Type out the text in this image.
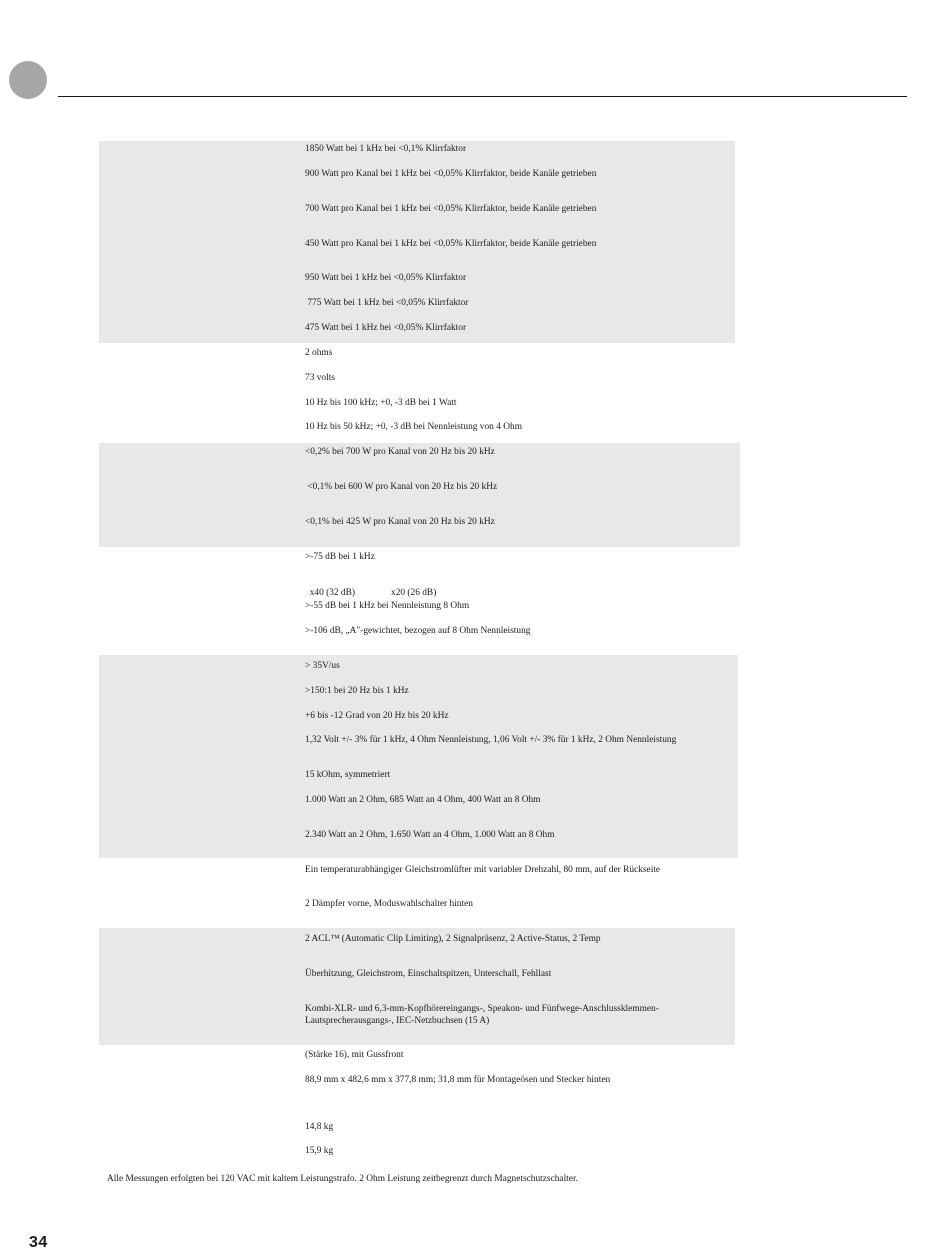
1850 Watt bei 1 kHz bei <0,1% Klirrfaktor
900 Watt pro Kanal bei 1 kHz bei <0,05% Klirrfaktor, beide Kanäle getrieben
700 Watt pro Kanal bei 1 kHz bei <0,05% Klirrfaktor, beide Kanäle getrieben
450 Watt pro Kanal bei 1 kHz bei <0,05% Klirrfaktor, beide Kanäle getrieben
950 Watt bei 1 kHz bei <0,05% Klirrfaktor
775 Watt bei 1 kHz bei <0,05% Klirrfaktor
475 Watt bei 1 kHz bei <0,05% Klirrfaktor
2 ohms
73 volts
10 Hz bis 100 kHz; +0, -3 dB bei 1 Watt
10 Hz bis 50 kHz; +0, -3 dB bei Nennleistung von 4 Ohm
<0,2% bei 700 W pro Kanal von 20 Hz bis 20 kHz
<0,1% bei 600 W pro Kanal von 20 Hz bis 20 kHz
<0,1% bei 425 W pro Kanal von 20 Hz bis 20 kHz
>-75 dB bei 1 kHz

x40 (32 dB)	x20 (26 dB)

>-55 dB bei 1 kHz bei Nennleistung 8 Ohm
>-106 dB, „A"-gewichtet, bezogen auf 8 Ohm Nennleistung
> 35V/us
>150:1 bei 20 Hz bis 1 kHz
+6 bis -12 Grad von 20 Hz bis 20 kHz
1,32 Volt +/- 3% für 1 kHz, 4 Ohm Nennleistung, 1,06 Volt +/- 3% für 1 kHz, 2 Ohm Nennleistung
15 kOhm, symmetriert
1.000 Watt an 2 Ohm, 685 Watt an 4 Ohm, 400 Watt an 8 Ohm
2.340 Watt an 2 Ohm, 1.650 Watt an 4 Ohm, 1.000 Watt an 8 Ohm
Ein temperaturabhängiger Gleichstromlüfter mit variabler Drehzahl, 80 mm, auf der Rückseite
2 Dämpfer vorne, Moduswahlschalter hinten
2 ACL™ (Automatic Clip Limiting), 2 Signalpräsenz, 2 Active-Status, 2 Temp
Überhitzung, Gleichstrom, Einschaltspitzen, Unterschall, Fehllast
Kombi-XLR- und 6,3-mm-Kopfhörereingangs-, Speakon- und Fünfwege-Anschlussklemmen-
Lautsprecherausgangs-, IEC-Netzbuchsen (15 A)
(Stärke 16), mit Gussfront
88,9 mm x 482,6 mm x 377,8 mm; 31,8 mm für Montageösen und Stecker hinten
14,8 kg
15,9 kg
Alle Messungen erfolgten bei 120 VAC mit kaltem Leistungstrafo. 2 Ohm Leistung zeitbegrenzt durch Magnetschutzschalter.
34
